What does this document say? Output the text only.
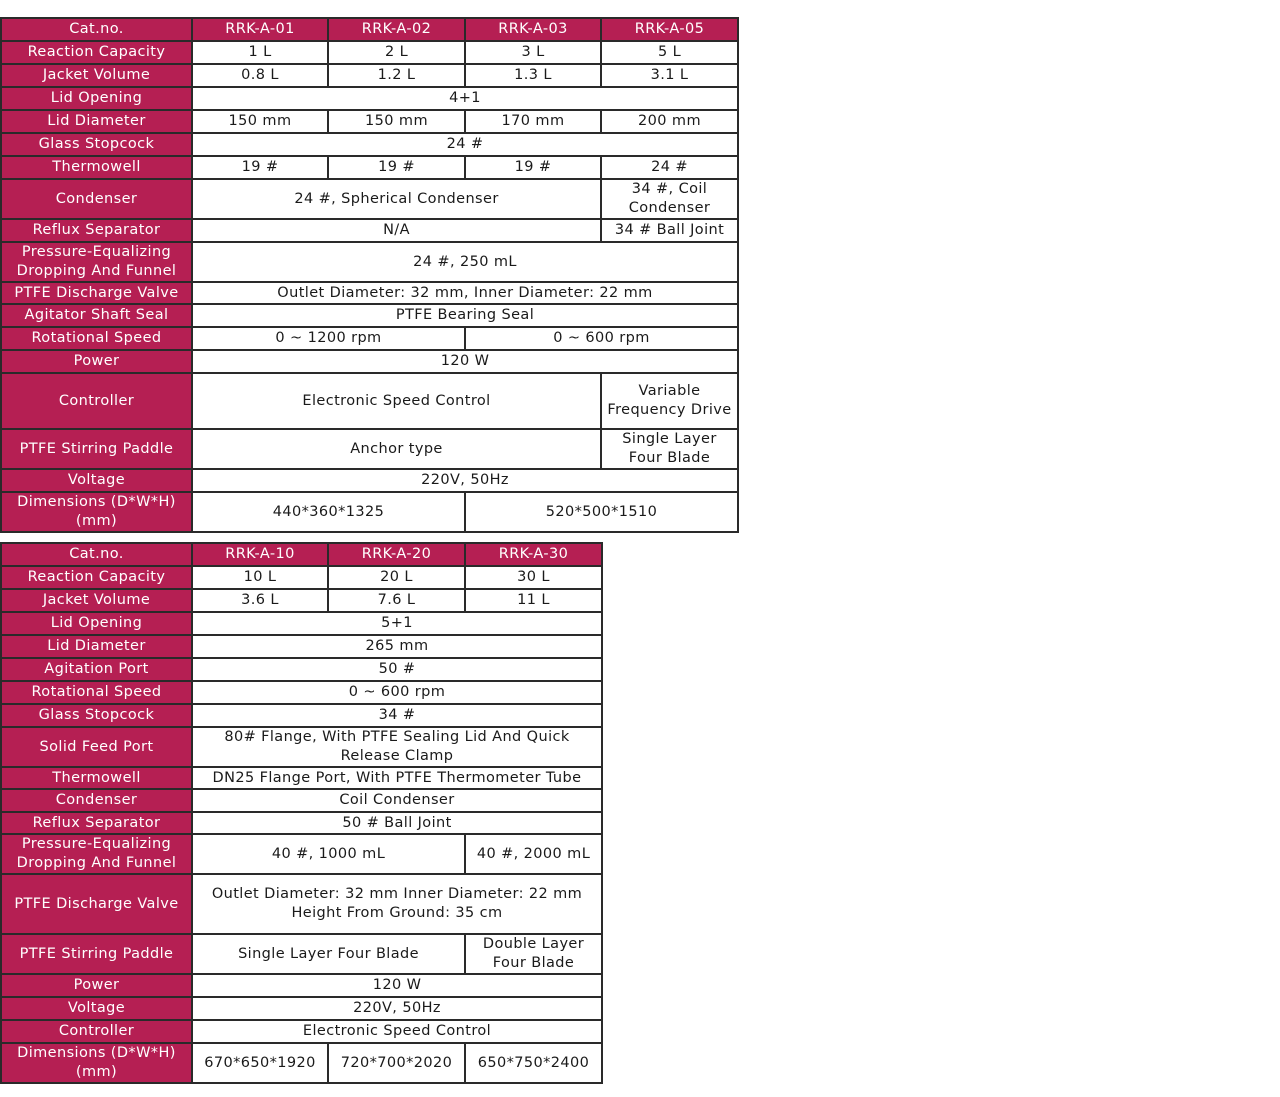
Cat.no.	RRK-A-01	RRK-A-02	RRK-A-03	RRK-A-05
Reaction Capacity	1 L	2 L	3 L	5 L
Jacket Volume	0.8 L	1.2 L	1.3 L	3.1 L
Lid Opening	4+1			
Lid Diameter	150 mm	150 mm	170 mm	200 mm
Glass Stopcock	24 #			
Thermowell	19 #	19 #	19 #	24 #
Condenser	24 #, Spherical Condenser			34 #, Coil Condenser
Reflux Separator	N/A			34 # Ball Joint
Pressure-Equalizing Dropping And Funnel	24 #, 250 mL			
PTFE Discharge Valve	Outlet Diameter: 32 mm, Inner Diameter: 22 mm			
Agitator Shaft Seal	PTFE Bearing Seal			
Rotational Speed	0 ~ 1200 rpm		0 ~ 600 rpm	
Power	120 W			
Controller	Electronic Speed Control			Variable Frequency Drive
PTFE Stirring Paddle	Anchor type			Single Layer Four Blade
Voltage	220V, 50Hz			
Dimensions (D*W*H) (mm)	440*360*1325		520*500*1510	
Cat.no.	RRK-A-10	RRK-A-20	RRK-A-30
Reaction Capacity	10 L	20 L	30 L
Jacket Volume	3.6 L	7.6 L	11 L
Lid Opening	5+1		
Lid Diameter	265 mm		
Agitation Port	50 #		
Rotational Speed	0 ~ 600 rpm		
Glass Stopcock	34 #		
Solid Feed Port	80# Flange, With PTFE Sealing Lid And Quick Release Clamp		
Thermowell	DN25 Flange Port, With PTFE Thermometer Tube		
Condenser	Coil Condenser		
Reflux Separator	50 # Ball Joint		
Pressure-Equalizing Dropping And Funnel	40 #, 1000 mL		40 #, 2000 mL
PTFE Discharge Valve	Outlet Diameter: 32 mm Inner Diameter: 22 mm Height From Ground: 35 cm		
PTFE Stirring Paddle	Single Layer Four Blade		Double Layer Four Blade
Power	120 W		
Voltage	220V, 50Hz		
Controller	Electronic Speed Control		
Dimensions (D*W*H) (mm)	670*650*1920	720*700*2020	650*750*2400
